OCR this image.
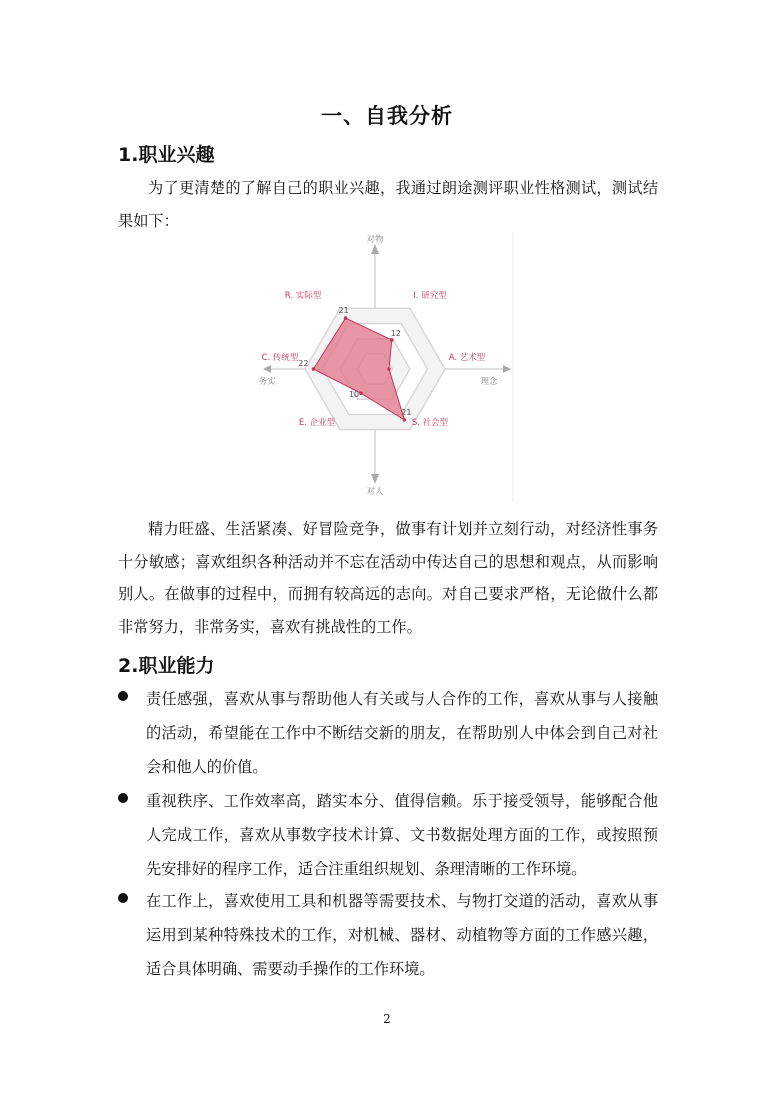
一、自我分析
1.职业兴趣

为了更清楚的了解自己的职业兴趣，我通过朗途测评职业性格测试，测试结果如下：

21
12
21
10
22
R. 实际型	I. 研究型
A. 艺术型
S. 社会型
E. 企业型
C. 传统型
对物
对人
务实	理念

精力旺盛、生活紧凑、好冒险竞争，做事有计划并立刻行动，对经济性事务十分敏感；喜欢组织各种活动并不忘在活动中传达自己的思想和观点，从而影响别人。在做事的过程中，而拥有较高远的志向。对自己要求严格，无论做什么都非常努力，非常务实，喜欢有挑战性的工作。

2.职业能力
责任感强，喜欢从事与帮助他人有关或与人合作的工作，喜欢从事与人接触的活动，希望能在工作中不断结交新的朋友，在帮助别人中体会到自己对社会和他人的价值。
重视秩序、工作效率高，踏实本分、值得信赖。乐于接受领导，能够配合他人完成工作，喜欢从事数字技术计算、文书数据处理方面的工作，或按照预先安排好的程序工作，适合注重组织规划、条理清晰的工作环境。
在工作上，喜欢使用工具和机器等需要技术、与物打交道的活动，喜欢从事运用到某种特殊技术的工作，对机械、器材、动植物等方面的工作感兴趣，适合具体明确、需要动手操作的工作环境。
2
